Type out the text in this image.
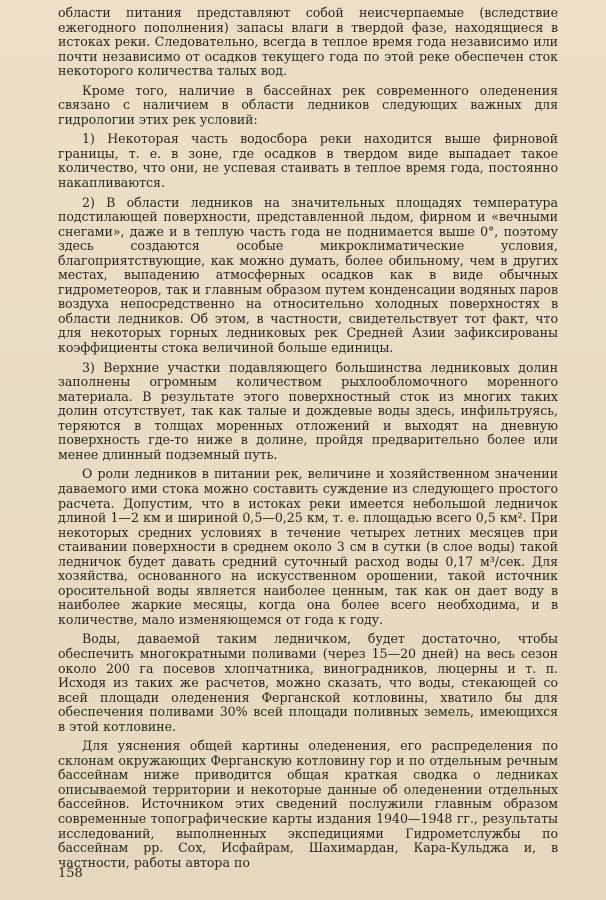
области питания представляют собой неисчерпаемые (вследствие ежегодного пополнения) запасы влаги в твердой фазе, находящиеся в истоках реки. Следовательно, всегда в теплое время года независимо или почти независимо от осадков текущего года по этой реке обеспечен сток некоторого количества талых вод.

Кроме того, наличие в бассейнах рек современного оледенения связано с наличием в области ледников следующих важных для гидрологии этих рек условий:

1) Некоторая часть водосбора реки находится выше фирновой границы, т. е. в зоне, где осадков в твердом виде выпадает такое количество, что они, не успевая стаивать в теплое время года, постоянно накапливаются.

2) В области ледников на значительных площадях температура подстилающей поверхности, представленной льдом, фирном и «вечными снегами», даже и в теплую часть года не поднимается выше 0°, поэтому здесь создаются особые микроклиматические условия, благоприятствующие, как можно думать, более обильному, чем в других местах, выпадению атмосферных осадков как в виде обычных гидрометеоров, так и главным образом путем конденсации водяных паров воздуха непосредственно на относительно холодных поверхностях в области ледников. Об этом, в частности, свидетельствует тот факт, что для некоторых горных ледниковых рек Средней Азии зафиксированы коэффициенты стока величиной больше единицы.

3) Верхние участки подавляющего большинства ледниковых долин заполнены огромным количеством рыхлообломочного моренного материала. В результате этого поверхностный сток из многих таких долин отсутствует, так как талые и дождевые воды здесь, инфильтруясь, теряются в толщах моренных отложений и выходят на дневную поверхность где-то ниже в долине, пройдя предварительно более или менее длинный подземный путь.

О роли ледников в питании рек, величине и хозяйственном значении даваемого ими стока можно составить суждение из следующего простого расчета. Допустим, что в истоках реки имеется небольшой ледничок длиной 1—2 км и шириной 0,5—0,25 км, т. е. площадью всего 0,5 км². При некоторых средних условиях в течение четырех летних месяцев при стаивании поверхности в среднем около 3 см в сутки (в слое воды) такой ледничок будет давать средний суточный расход воды 0,17 м³/сек. Для хозяйства, основанного на искусственном орошении, такой источник оросительной воды является наиболее ценным, так как он дает воду в наиболее жаркие месяцы, когда она более всего необходима, и в количестве, мало изменяющемся от года к году.

Воды, даваемой таким ледничком, будет достаточно, чтобы обеспечить многократными поливами (через 15—20 дней) на весь сезон около 200 га посевов хлопчатника, виноградников, люцерны и т. п. Исходя из таких же расчетов, можно сказать, что воды, стекающей со всей площади оледенения Ферганской котловины, хватило бы для обеспечения поливами 30% всей площади поливных земель, имеющихся в этой котловине.

Для уяснения общей картины оледенения, его распределения по склонам окружающих Ферганскую котловину гор и по отдельным речным бассейнам ниже приводится общая краткая сводка о ледниках описываемой территории и некоторые данные об оледенении отдельных бассейнов. Источником этих сведений послужили главным образом современные топографические карты издания 1940—1948 гг., результаты исследований, выполненных экспедициями Гидрометслужбы по бассейнам рр. Сох, Исфайрам, Шахимардан, Кара-Кульджа и, в частности, работы автора по

158
